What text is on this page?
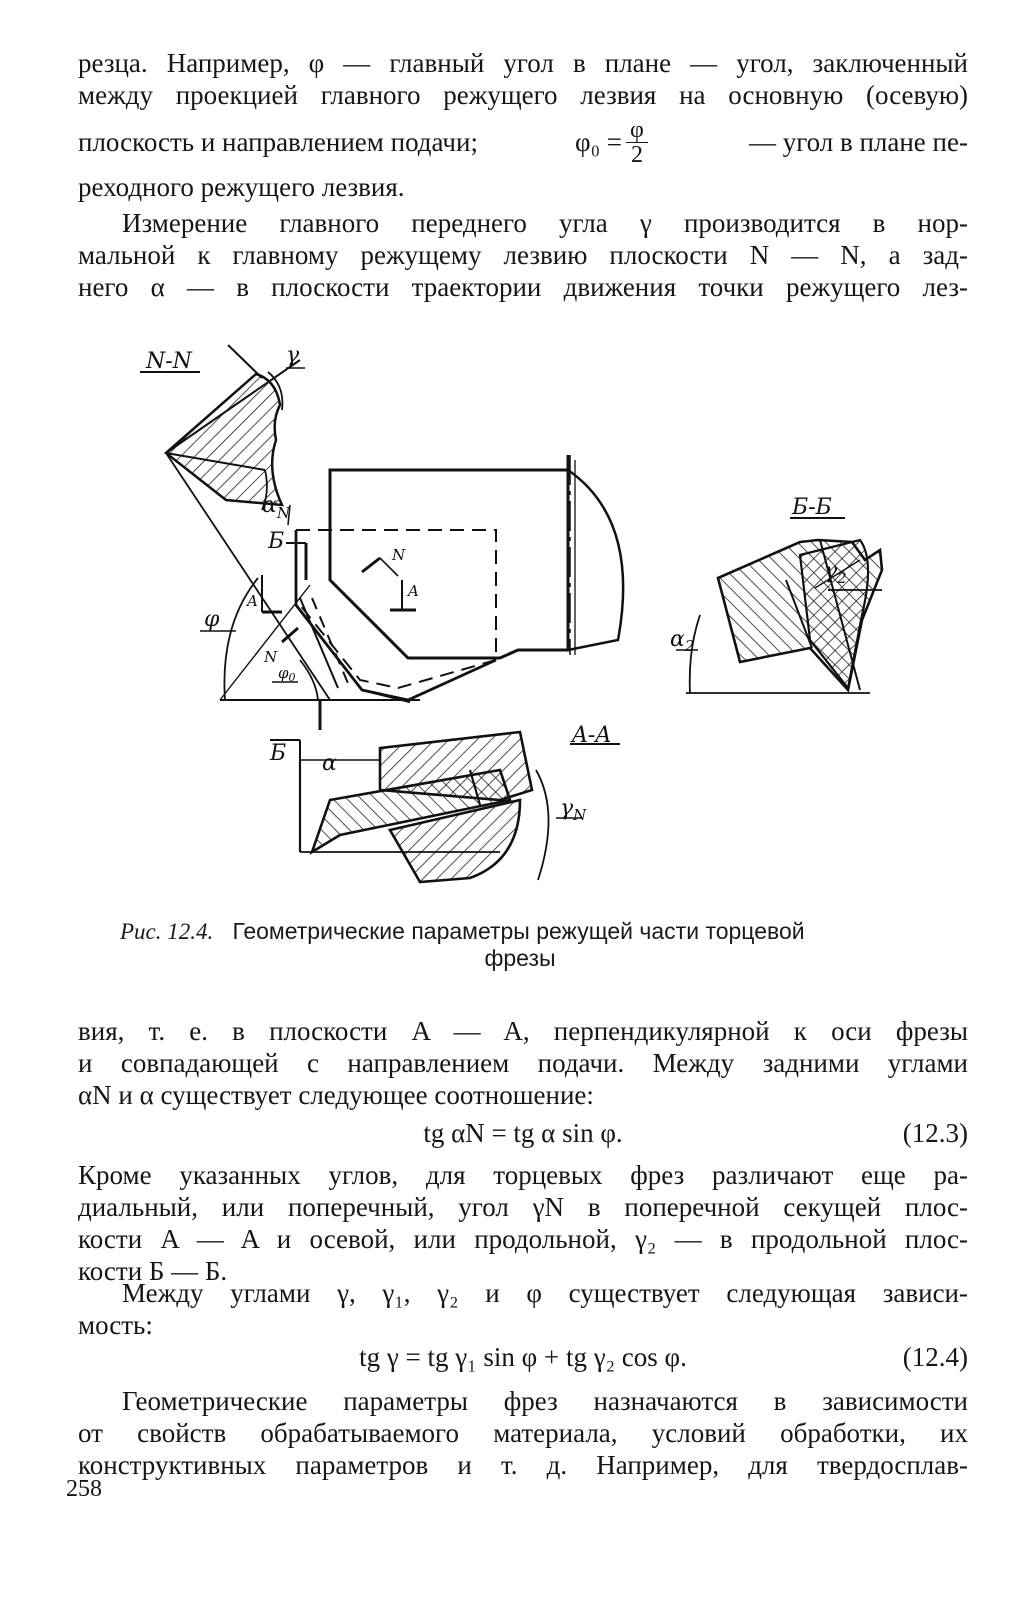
резца. Например, φ — главный угол в плане — угол, заключенный
между проекцией главного режущего лезвия на основную (осевую)
плоскость и направлением подачи;	$\varphi_0 = \frac{\varphi}{2}$	— угол в плане пе-
реходного режущего лезвия.
Измерение главного переднего угла γ производится в нор-
мальной к главному режущему лезвию плоскости N — N, а зад-
него α — в плоскости траектории движения точки режущего лез-
N-N	γ
$\alpha_N$
Б
N
A
A
φ
N
$\varphi_0$
Б α
A-A
$\gamma_N$
Б-Б
$\gamma_2$
$\alpha_2$
Рис. 12.4. Геометрические параметры режущей части торцевой
фрезы
вия, т. е. в плоскости A — A, перпендикулярной к оси фрезы
и совпадающей с направлением подачи. Между задними углами
αN и α существует следующее соотношение:
tg αN = tg α sin φ.	(12.3)
Кроме указанных углов, для торцевых фрез различают еще ра-
диальный, или поперечный, угол γN в поперечной секущей плос-
кости A — A и осевой, или продольной, γ₂ — в продольной плос-
кости Б — Б.
Между углами γ, γ₁, γ₂ и φ существует следующая зависи-
мость:
tg γ = tg γ₁ sin φ + tg γ₂ cos φ.	(12.4)
Геометрические параметры фрез назначаются в зависимости
от свойств обрабатываемого материала, условий обработки, их
конструктивных параметров и т. д. Например, для твердосплав-
258
